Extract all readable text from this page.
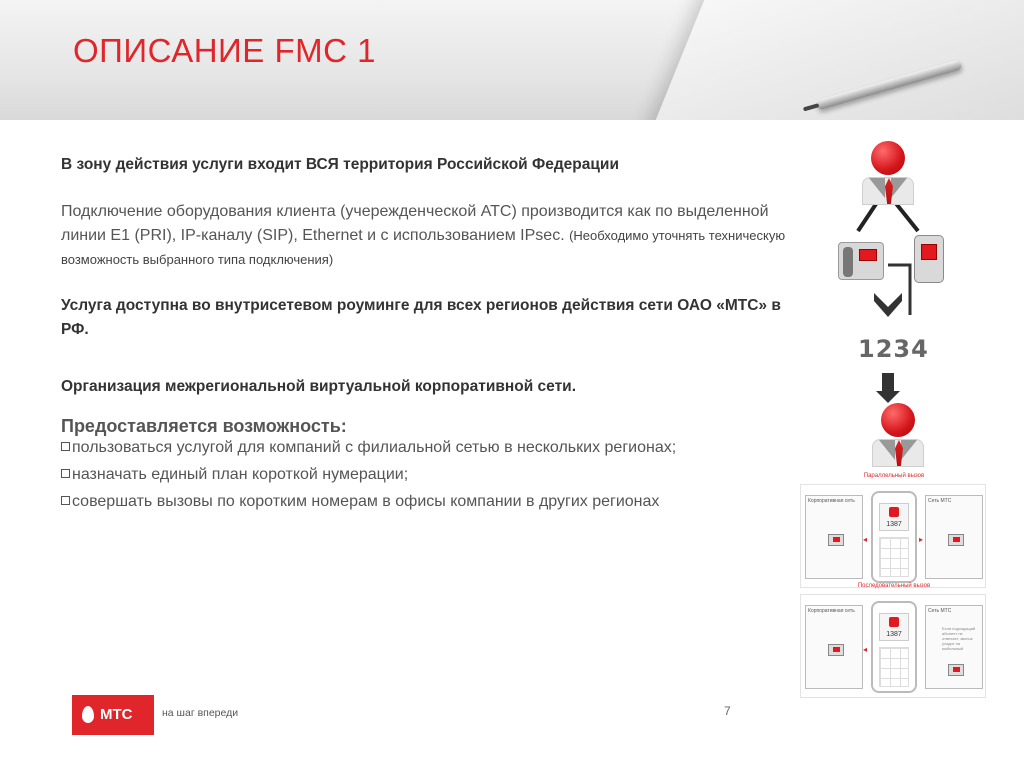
ОПИСАНИЕ FMC 1

В зону действия услуги входит ВСЯ территория Российской Федерации

Подключение оборудования клиента (учережденческой АТС) производится как по выделенной линии Е1 (PRI), IP-каналу (SIP), Ethernet и с использованием IPsec. (Необходимо уточнять техническую возможность выбранного типа подключения)

Услуга доступна во внутрисетевом роуминге для всех регионов действия сети ОАО «МТС» в РФ.

Организация межрегиональной виртуальной корпоративной сети.

Предоставляется возможность:
пользоваться услугой для компаний с филиальной сетью в нескольких регионах;
назначать единый план короткой нумерации;
совершать вызовы по коротким номерам в офисы компании в других регионах
1234
Параллельный вызов
Корпоративная сеть
◂
1387
▸
Сеть МТС
Последовательный вызов
Корпоративная сеть
◂
1387
Сеть МТС
Если подходящий абонент не отвечает, звонок уходит на мобильный
МТС	на шаг впереди	7
